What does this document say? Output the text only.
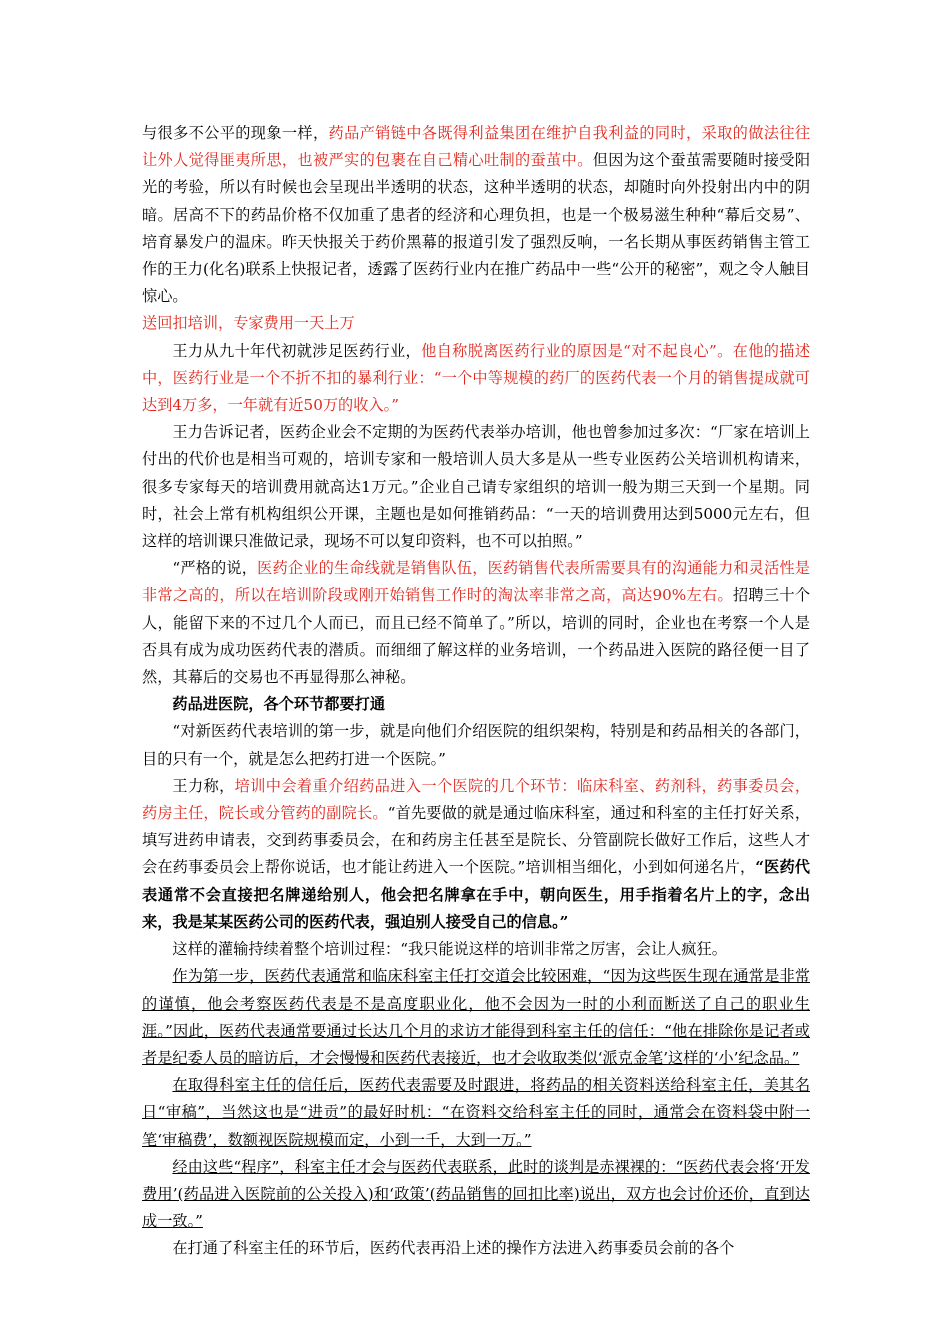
与很多不公平的现象一样，药品产销链中各既得利益集团在维护自我利益的同时，采取的做法往往让外人觉得匪夷所思，也被严实的包裹在自己精心吐制的蚕茧中。但因为这个蚕茧需要随时接受阳光的考验，所以有时候也会呈现出半透明的状态，这种半透明的状态，却随时向外投射出内中的阴暗。居高不下的药品价格不仅加重了患者的经济和心理负担，也是一个极易滋生种种“幕后交易”、培育暴发户的温床。昨天快报关于药价黑幕的报道引发了强烈反响，一名长期从事医药销售主管工作的王力(化名)联系上快报记者，透露了医药行业内在推广药品中一些“公开的秘密”，观之令人触目惊心。

送回扣培训，专家费用一天上万

王力从九十年代初就涉足医药行业，他自称脱离医药行业的原因是“对不起良心”。在他的描述中，医药行业是一个不折不扣的暴利行业：“一个中等规模的药厂的医药代表一个月的销售提成就可达到4万多，一年就有近50万的收入。”

王力告诉记者，医药企业会不定期的为医药代表举办培训，他也曾参加过多次：“厂家在培训上付出的代价也是相当可观的，培训专家和一般培训人员大多是从一些专业医药公关培训机构请来，很多专家每天的培训费用就高达1万元。”企业自己请专家组织的培训一般为期三天到一个星期。同时，社会上常有机构组织公开课，主题也是如何推销药品：“一天的培训费用达到5000元左右，但这样的培训课只准做记录，现场不可以复印资料，也不可以拍照。”

“严格的说，医药企业的生命线就是销售队伍，医药销售代表所需要具有的沟通能力和灵活性是非常之高的，所以在培训阶段或刚开始销售工作时的淘汰率非常之高，高达90%左右。招聘三十个人，能留下来的不过几个人而已，而且已经不简单了。”所以，培训的同时，企业也在考察一个人是否具有成为成功医药代表的潜质。而细细了解这样的业务培训，一个药品进入医院的路径便一目了然，其幕后的交易也不再显得那么神秘。

药品进医院，各个环节都要打通

“对新医药代表培训的第一步，就是向他们介绍医院的组织架构，特别是和药品相关的各部门，目的只有一个，就是怎么把药打进一个医院。”

王力称，培训中会着重介绍药品进入一个医院的几个环节：临床科室、药剂科，药事委员会，药房主任，院长或分管药的副院长。“首先要做的就是通过临床科室，通过和科室的主任打好关系，填写进药申请表，交到药事委员会，在和药房主任甚至是院长、分管副院长做好工作后，这些人才会在药事委员会上帮你说话，也才能让药进入一个医院。”培训相当细化，小到如何递名片，“医药代表通常不会直接把名牌递给别人，他会把名牌拿在手中，朝向医生，用手指着名片上的字，念出来，我是某某医药公司的医药代表，强迫别人接受自己的信息。”

这样的灌输持续着整个培训过程：“我只能说这样的培训非常之厉害，会让人疯狂。

作为第一步，医药代表通常和临床科室主任打交道会比较困难，“因为这些医生现在通常是非常的谨慎，他会考察医药代表是不是高度职业化，他不会因为一时的小利而断送了自己的职业生涯。”因此，医药代表通常要通过长达几个月的求访才能得到科室主任的信任：“他在排除你是记者或者是纪委人员的暗访后，才会慢慢和医药代表接近，也才会收取类似‘派克金笔’这样的‘小’纪念品。”

在取得科室主任的信任后，医药代表需要及时跟进，将药品的相关资料送给科室主任，美其名日“审稿”，当然这也是“进贡”的最好时机：“在资料交给科室主任的同时，通常会在资料袋中附一笔‘审稿费’，数额视医院规模而定，小到一千，大到一万。”

经由这些“程序”，科室主任才会与医药代表联系，此时的谈判是赤裸裸的：“医药代表会将‘开发费用’(药品进入医院前的公关投入)和‘政策’(药品销售的回扣比率)说出，双方也会讨价还价，直到达成一致。”

在打通了科室主任的环节后，医药代表再沿上述的操作方法进入药事委员会前的各个
